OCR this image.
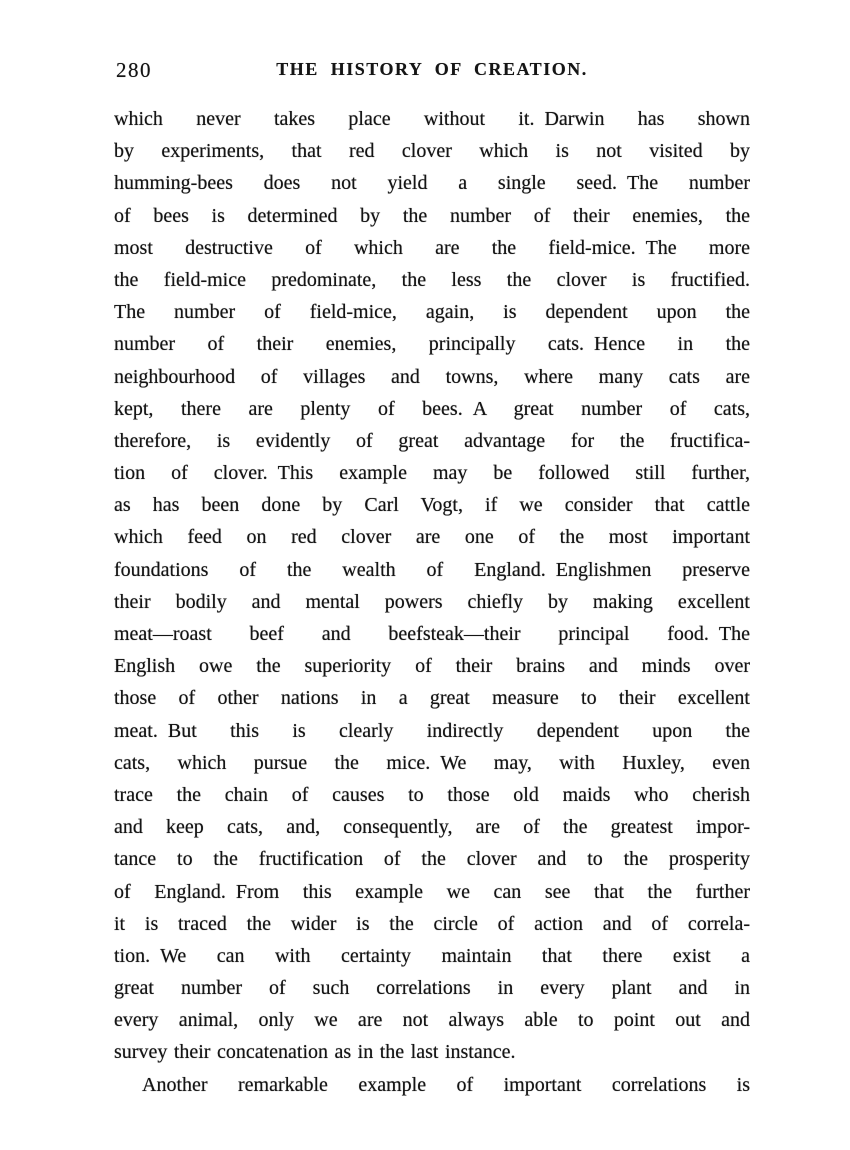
280	THE HISTORY OF CREATION.
which never takes place without it. Darwin has shown
by experiments, that red clover which is not visited by
humming-bees does not yield a single seed. The number
of bees is determined by the number of their enemies, the
most destructive of which are the field-mice. The more
the field-mice predominate, the less the clover is fructified.
The number of field-mice, again, is dependent upon the
number of their enemies, principally cats. Hence in the
neighbourhood of villages and towns, where many cats are
kept, there are plenty of bees. A great number of cats,
therefore, is evidently of great advantage for the fructifica-
tion of clover. This example may be followed still further,
as has been done by Carl Vogt, if we consider that cattle
which feed on red clover are one of the most important
foundations of the wealth of England. Englishmen preserve
their bodily and mental powers chiefly by making excellent
meat—roast beef and beefsteak—their principal food. The
English owe the superiority of their brains and minds over
those of other nations in a great measure to their excellent
meat. But this is clearly indirectly dependent upon the
cats, which pursue the mice. We may, with Huxley, even
trace the chain of causes to those old maids who cherish
and keep cats, and, consequently, are of the greatest impor-
tance to the fructification of the clover and to the prosperity
of England. From this example we can see that the further
it is traced the wider is the circle of action and of correla-
tion. We can with certainty maintain that there exist a
great number of such correlations in every plant and in
every animal, only we are not always able to point out and
survey their concatenation as in the last instance.
Another remarkable example of important correlations is
